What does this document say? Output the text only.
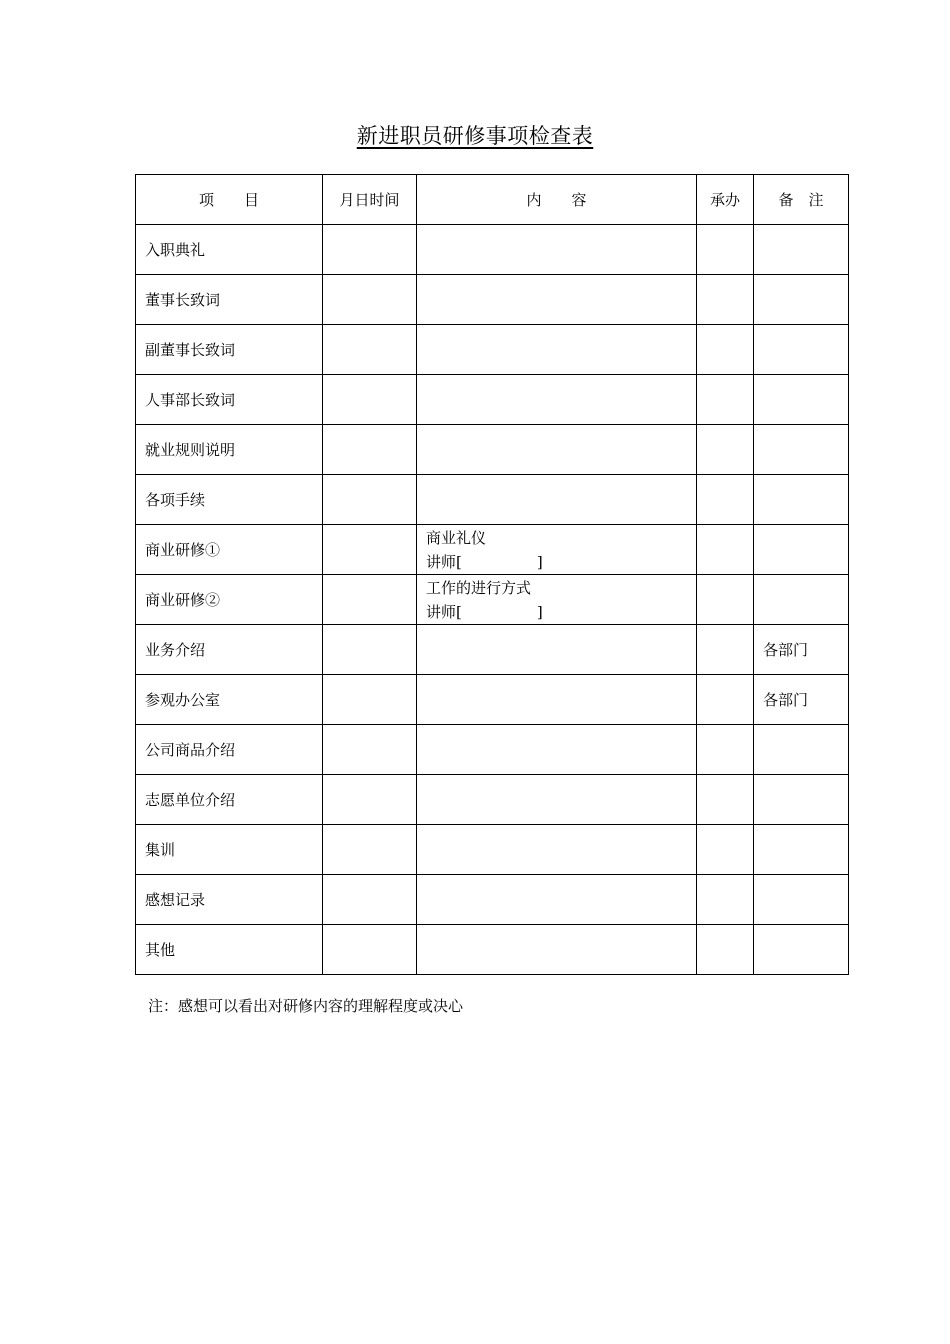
新进职员研修事项检查表
项　　目	月日时间	内　　容	承办	备　注
入职典礼				
董事长致词				
副董事长致词				
人事部长致词				
就业规则说明				
各项手续				
商业研修①		商业礼仪
讲师[　　　　　]		

商业研修②		工作的进行方式
讲师[　　　　　]		

业务介绍				各部门
参观办公室				各部门
公司商品介绍				
志愿单位介绍				
集训				
感想记录				
其他				
注：感想可以看出对研修内容的理解程度或决心
